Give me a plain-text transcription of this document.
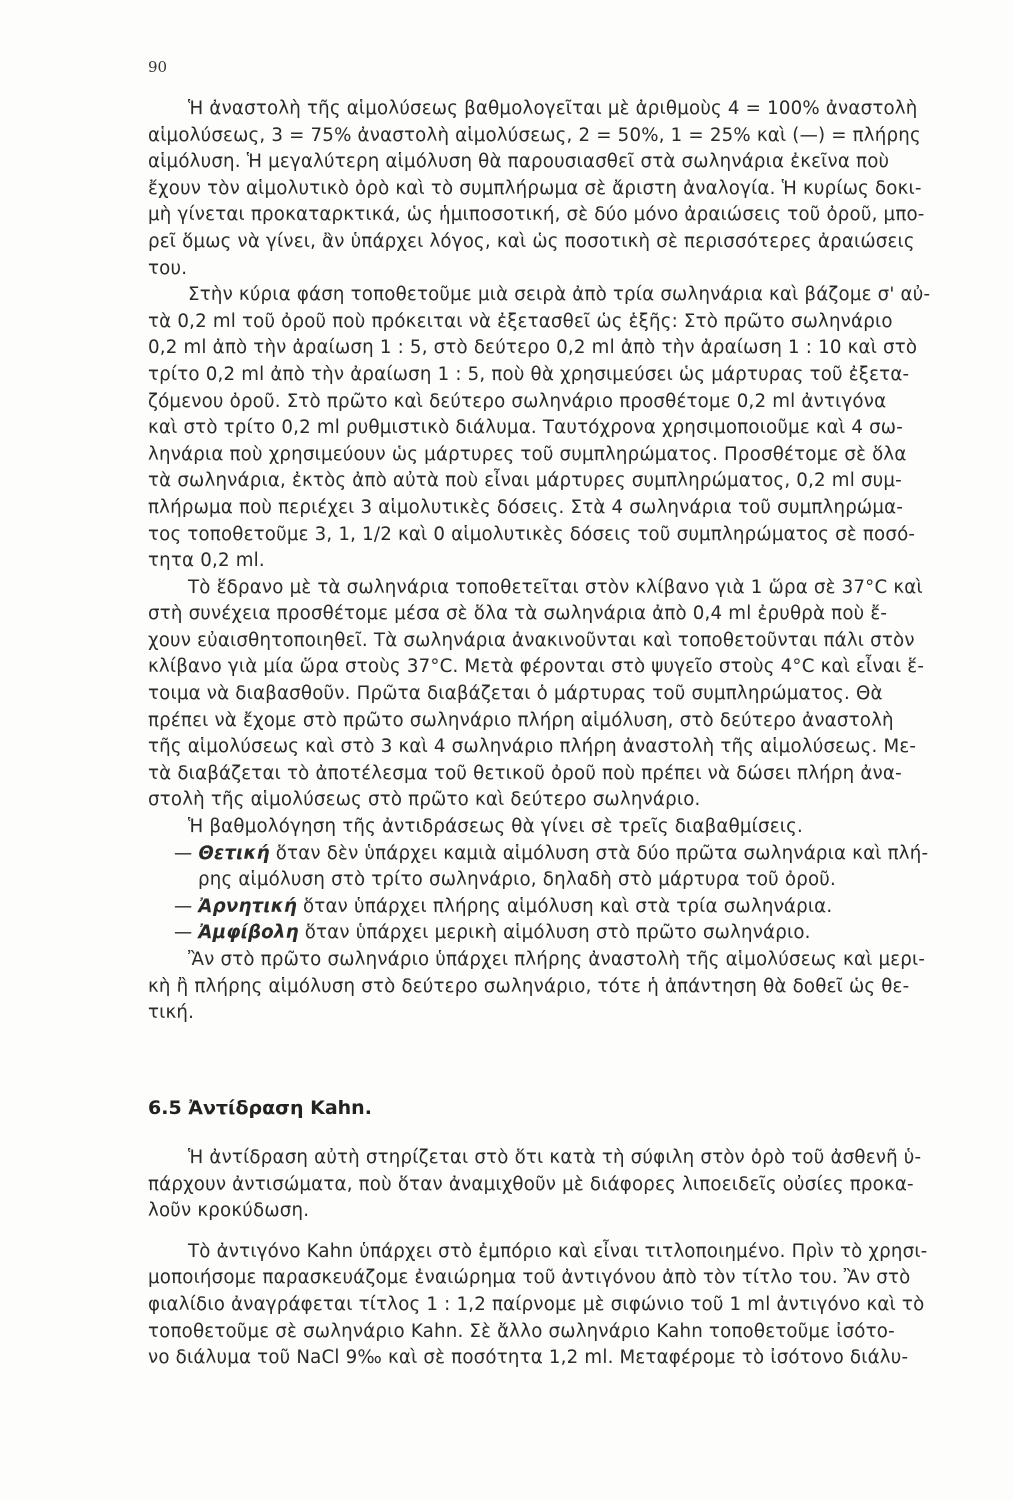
90
Ἡ ἀναστολὴ τῆς αἱμολύσεως βαθμολογεῖται μὲ ἀριθμοὺς 4 = 100% ἀναστολὴ
αἱμολύσεως, 3 = 75% ἀναστολὴ αἱμολύσεως, 2 = 50%, 1 = 25% καὶ (—) = πλήρης
αἱμόλυση. Ἡ μεγαλύτερη αἱμόλυση θὰ παρουσιασθεῖ στὰ σωληνάρια ἐκεῖνα ποὺ
ἔχουν τὸν αἱμολυτικὸ ὀρὸ καὶ τὸ συμπλήρωμα σὲ ἄριστη ἀναλογία. Ἡ κυρίως δοκι-
μὴ γίνεται προκαταρκτικά, ὡς ἡμιποσοτική, σὲ δύο μόνο ἀραιώσεις τοῦ ὀροῦ, μπο-
ρεῖ ὅμως νὰ γίνει, ἂν ὑπάρχει λόγος, καὶ ὡς ποσοτικὴ σὲ περισσότερες ἀραιώσεις
του.
Στὴν κύρια φάση τοποθετοῦμε μιὰ σειρὰ ἀπὸ τρία σωληνάρια καὶ βάζομε σ' αὐ-
τὰ 0,2 ml τοῦ ὀροῦ ποὺ πρόκειται νὰ ἐξετασθεῖ ὡς ἑξῆς: Στὸ πρῶτο σωληνάριο
0,2 ml ἀπὸ τὴν ἀραίωση 1 : 5, στὸ δεύτερο 0,2 ml ἀπὸ τὴν ἀραίωση 1 : 10 καὶ στὸ
τρίτο 0,2 ml ἀπὸ τὴν ἀραίωση 1 : 5, ποὺ θὰ χρησιμεύσει ὡς μάρτυρας τοῦ ἐξετα-
ζόμενου ὀροῦ. Στὸ πρῶτο καὶ δεύτερο σωληνάριο προσθέτομε 0,2 ml ἀντιγόνα
καὶ στὸ τρίτο 0,2 ml ρυθμιστικὸ διάλυμα. Ταυτόχρονα χρησιμοποιοῦμε καὶ 4 σω-
ληνάρια ποὺ χρησιμεύουν ὡς μάρτυρες τοῦ συμπληρώματος. Προσθέτομε σὲ ὅλα
τὰ σωληνάρια, ἐκτὸς ἀπὸ αὐτὰ ποὺ εἶναι μάρτυρες συμπληρώματος, 0,2 ml συμ-
πλήρωμα ποὺ περιέχει 3 αἱμολυτικὲς δόσεις. Στὰ 4 σωληνάρια τοῦ συμπληρώμα-
τος τοποθετοῦμε 3, 1, 1/2 καὶ 0 αἱμολυτικὲς δόσεις τοῦ συμπληρώματος σὲ ποσό-
τητα 0,2 ml.
Τὸ ἕδρανο μὲ τὰ σωληνάρια τοποθετεῖται στὸν κλίβανο γιὰ 1 ὥρα σὲ 37°C καὶ
στὴ συνέχεια προσθέτομε μέσα σὲ ὅλα τὰ σωληνάρια ἀπὸ 0,4 ml ἐρυθρὰ ποὺ ἔ-
χουν εὐαισθητοποιηθεῖ. Τὰ σωληνάρια ἀνακινοῦνται καὶ τοποθετοῦνται πάλι στὸν
κλίβανο γιὰ μία ὥρα στοὺς 37°C. Μετὰ φέρονται στὸ ψυγεῖο στοὺς 4°C καὶ εἶναι ἕ-
τοιμα νὰ διαβασθοῦν. Πρῶτα διαβάζεται ὁ μάρτυρας τοῦ συμπληρώματος. Θὰ
πρέπει νὰ ἔχομε στὸ πρῶτο σωληνάριο πλήρη αἱμόλυση, στὸ δεύτερο ἀναστολὴ
τῆς αἱμολύσεως καὶ στὸ 3 καὶ 4 σωληνάριο πλήρη ἀναστολὴ τῆς αἱμολύσεως. Με-
τὰ διαβάζεται τὸ ἀποτέλεσμα τοῦ θετικοῦ ὀροῦ ποὺ πρέπει νὰ δώσει πλήρη ἀνα-
στολὴ τῆς αἱμολύσεως στὸ πρῶτο καὶ δεύτερο σωληνάριο.
Ἡ βαθμολόγηση τῆς ἀντιδράσεως θὰ γίνει σὲ τρεῖς διαβαθμίσεις.
— Θετική ὅταν δὲν ὑπάρχει καμιὰ αἱμόλυση στὰ δύο πρῶτα σωληνάρια καὶ πλή-
ρης αἱμόλυση στὸ τρίτο σωληνάριο, δηλαδὴ στὸ μάρτυρα τοῦ ὀροῦ.
— Ἀρνητική ὅταν ὑπάρχει πλήρης αἱμόλυση καὶ στὰ τρία σωληνάρια.
— Ἀμφίβολη ὅταν ὑπάρχει μερικὴ αἱμόλυση στὸ πρῶτο σωληνάριο.
Ἂν στὸ πρῶτο σωληνάριο ὑπάρχει πλήρης ἀναστολὴ τῆς αἱμολύσεως καὶ μερι-
κὴ ἢ πλήρης αἱμόλυση στὸ δεύτερο σωληνάριο, τότε ἡ ἀπάντηση θὰ δοθεῖ ὡς θε-
τική.
6.5 Ἀντίδραση Kahn.
Ἡ ἀντίδραση αὐτὴ στηρίζεται στὸ ὅτι κατὰ τὴ σύφιλη στὸν ὀρὸ τοῦ ἀσθενῆ ὑ-
πάρχουν ἀντισώματα, ποὺ ὅταν ἀναμιχθοῦν μὲ διάφορες λιποειδεῖς οὐσίες προκα-
λοῦν κροκύδωση.
Τὸ ἀντιγόνο Kahn ὑπάρχει στὸ ἐμπόριο καὶ εἶναι τιτλοποιημένο. Πρὶν τὸ χρησι-
μοποιήσομε παρασκευάζομε ἐναιώρημα τοῦ ἀντιγόνου ἀπὸ τὸν τίτλο του. Ἂν στὸ
φιαλίδιο ἀναγράφεται τίτλος 1 : 1,2 παίρνομε μὲ σιφώνιο τοῦ 1 ml ἀντιγόνο καὶ τὸ
τοποθετοῦμε σὲ σωληνάριο Kahn. Σὲ ἄλλο σωληνάριο Kahn τοποθετοῦμε ἰσότο-
νο διάλυμα τοῦ NaCl 9‰ καὶ σὲ ποσότητα 1,2 ml. Μεταφέρομε τὸ ἰσότονο διάλυ-
